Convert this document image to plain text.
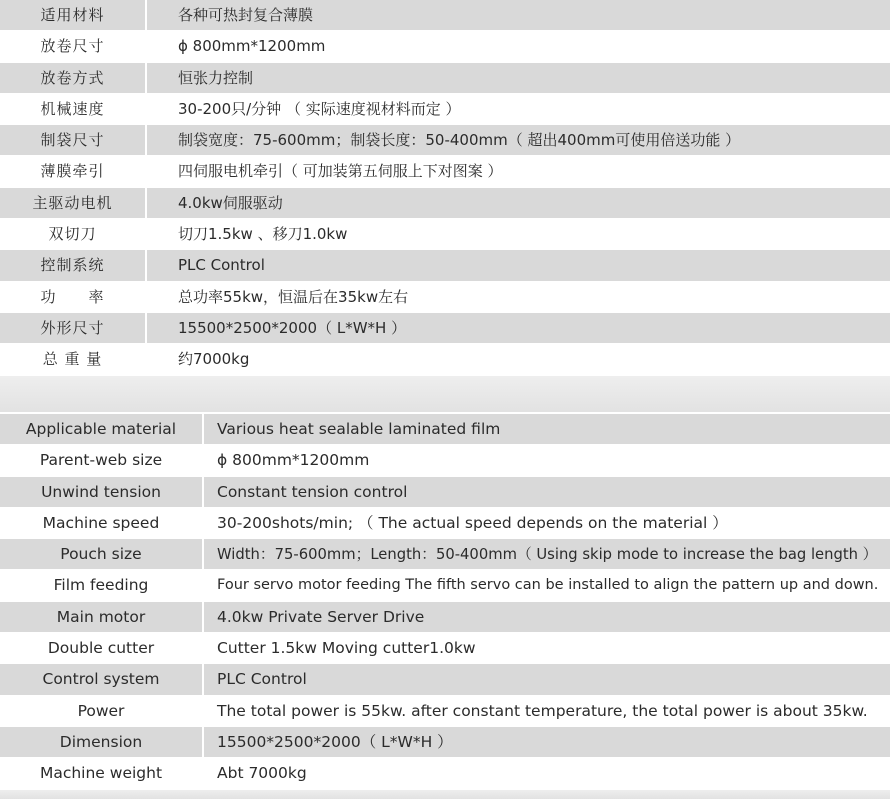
适用材料	各种可热封复合薄膜
放卷尺寸	ϕ 800mm*1200mm
放卷方式	恒张力控制
机械速度	30-200只/分钟 （ 实际速度视材料而定 ）
制袋尺寸	制袋宽度：75-600mm；制袋长度：50-400mm（ 超出400mm可使用倍送功能 ）
薄膜牵引	四伺服电机牵引（ 可加装第五伺服上下对图案 ）
主驱动电机	4.0kw伺服驱动
双切刀	切刀1.5kw 、移刀1.0kw
控制系统	PLC Control
功　　率	总功率55kw，恒温后在35kw左右
外形尺寸	15500*2500*2000（ L*W*H ）
总 重 量	约7000kg
Applicable material	Various heat sealable laminated film
Parent-web size	ϕ 800mm*1200mm
Unwind tension	Constant tension control
Machine speed	30-200shots/min; （ The actual speed depends on the material ）
Pouch size	Width：75-600mm；Length：50-400mm（ Using skip mode to increase the bag length ）
Film feeding	Four servo motor feeding The fifth servo can be installed to align the pattern up and down.
Main motor	4.0kw Private Server Drive
Double cutter	Cutter 1.5kw Moving cutter1.0kw
Control system	PLC Control
Power	The total power is 55kw. after constant temperature, the total power is about 35kw.
Dimension	15500*2500*2000（ L*W*H ）
Machine weight	Abt 7000kg
